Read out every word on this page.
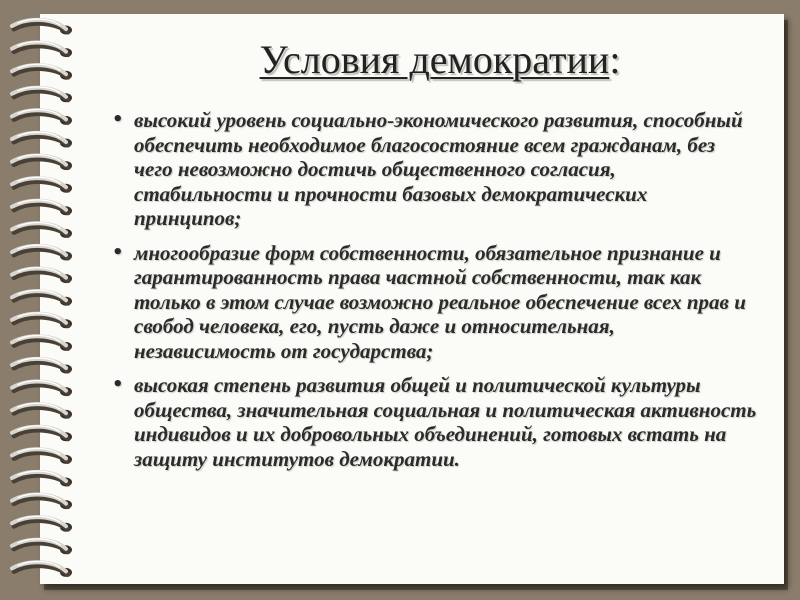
Условия демократии:
• высокий уровень социально-экономического развития, способный обеспечить необходимое благосостояние всем гражданам, без чего невозможно достичь общественного согласия, стабильности и прочности базовых демократических принципов;
• многообразие форм собственности, обязательное признание и гарантированность права частной собственности, так как только в этом случае возможно реальное обеспечение всех прав и свобод человека, его, пусть даже и относительная, независимость от государства;
• высокая степень развития общей и политической культуры общества, значительная социальная и политическая активность индивидов и их добровольных объединений, готовых встать на защиту институтов демократии.
